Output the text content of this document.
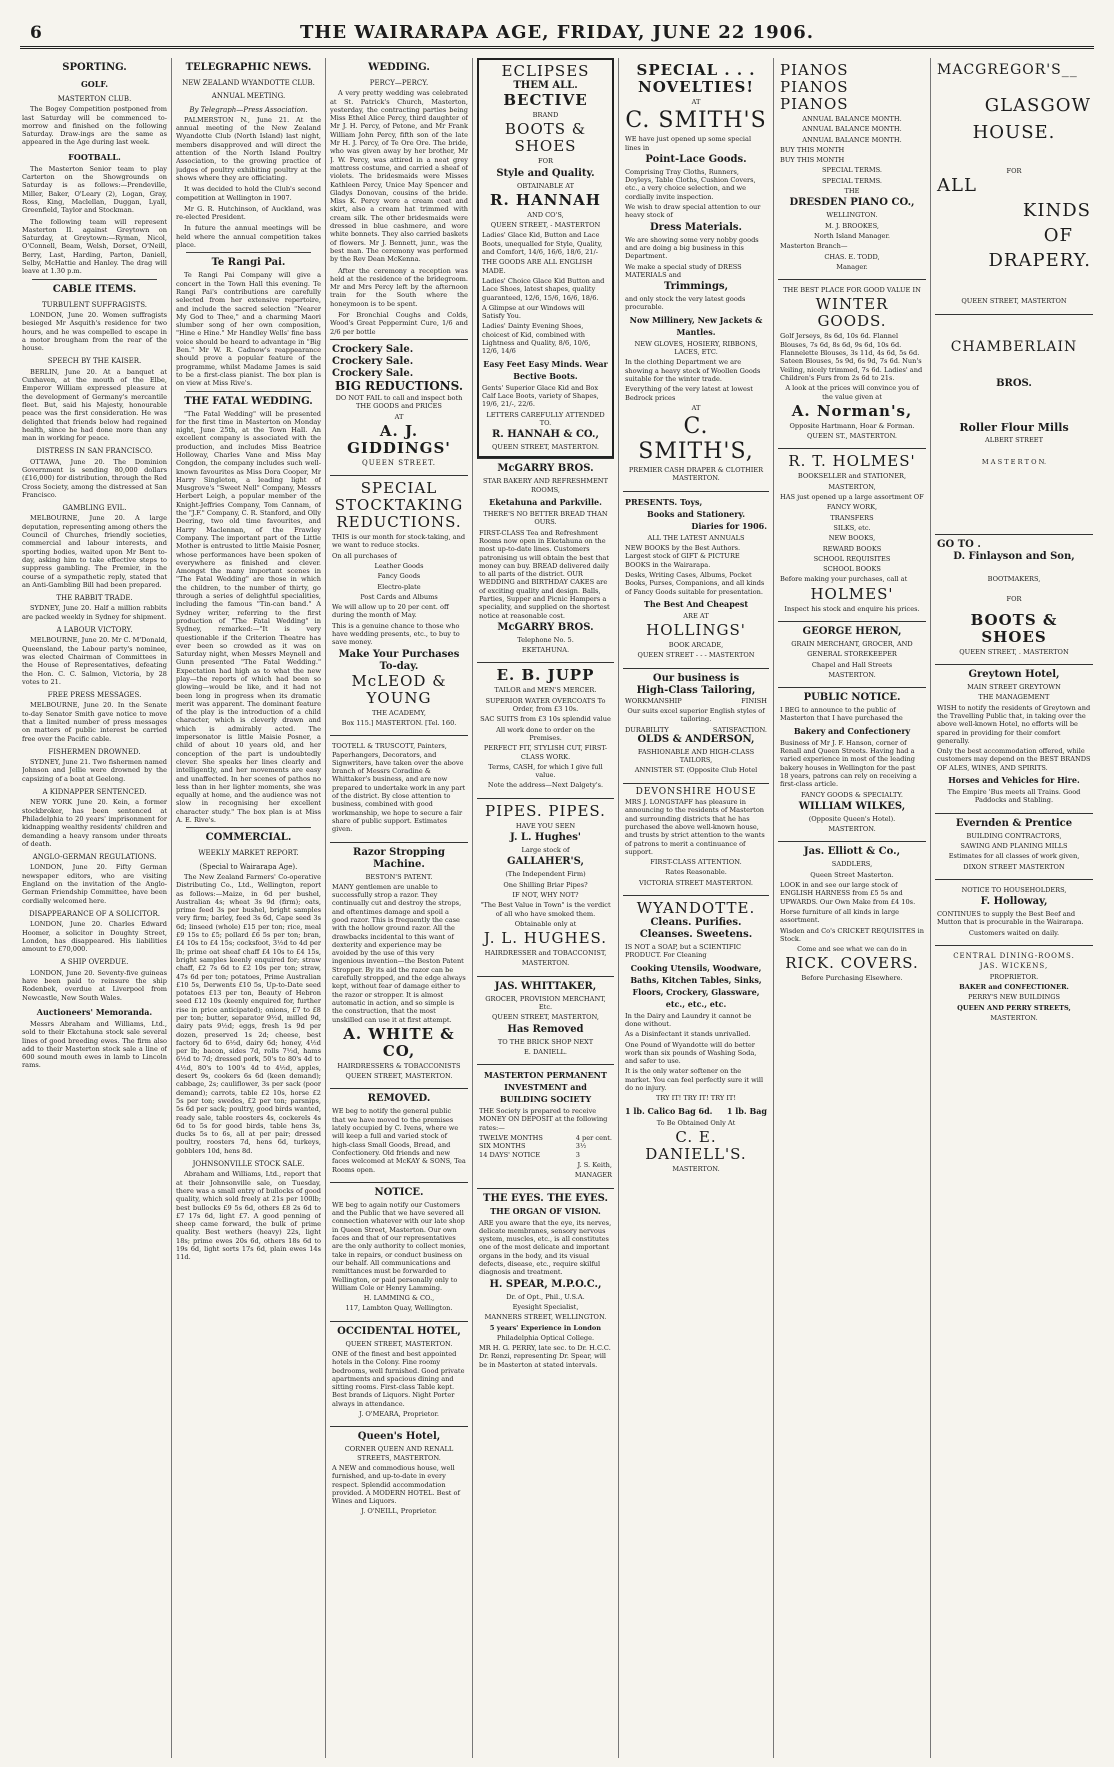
6	THE WAIRARAPA AGE, FRIDAY, JUNE 22 1906.
SPORTING.
GOLF.
MASTERTON CLUB.

The Bogey Competition postponed from last Saturday will be commenced to-morrow and finished on the following Saturday. Draw-ings are the same as appeared in the Age during last week.

FOOTBALL.

The Masterton Senior team to play Carterton on the Showgrounds on Saturday is as follows:—Prendeville, Miller, Baker, O'Leary (2), Logan, Gray, Ross, King, Maclellan, Duggan, Lyall, Greenfield, Taylor and Stockman.

The following team will represent Masterton II. against Greytown on Saturday, at Greytown:—Ryman, Nicol, O'Connell, Beam, Welsh, Dorset, O'Neill, Berry, Last, Harding, Parton, Daniell, Selby, McHattie and Hanley. The drag will leave at 1.30 p.m.

CABLE ITEMS.
TURBULENT SUFFRAGISTS.

LONDON, June 20. Women suffragists besieged Mr Asquith's residence for two hours, and he was compelled to escape in a motor brougham from the rear of the house.

SPEECH BY THE KAISER.

BERLIN, June 20. At a banquet at Cuxhaven, at the mouth of the Elbe, Emperor William expressed pleasure at the development of Germany's mercantile fleet. But, said his Majesty, honourable peace was the first consideration. He was delighted that friends below had regained health, since he had done more than any man in working for peace.

DISTRESS IN SAN FRANCISCO.

OTTAWA, June 20. The Dominion Government is sending 80,000 dollars (£16,000) for distribution, through the Red Cross Society, among the distressed at San Francisco.

GAMBLING EVIL.

MELBOURNE, June 20. A large deputation, representing among others the Council of Churches, friendly societies, commercial and labour interests, and sporting bodies, waited upon Mr Bent to-day, asking him to take effective steps to suppress gambling. The Premier, in the course of a sympathetic reply, stated that an Anti-Gambling Bill had been prepared.

THE RABBIT TRADE.

SYDNEY, June 20. Half a million rabbits are packed weekly in Sydney for shipment.

A LABOUR VICTORY.

MELBOURNE, June 20. Mr C. M'Donald, Queensland, the Labour party's nominee, was elected Chairman of Committees in the House of Representatives, defeating the Hon. C. C. Salmon, Victoria, by 28 votes to 21.

FREE PRESS MESSAGES.

MELBOURNE, June 20. In the Senate to-day Senator Smith gave notice to move that a limited number of press messages on matters of public interest be carried free over the Pacific cable.

FISHERMEN DROWNED.

SYDNEY, June 21. Two fishermen named Johnson and Jellie were drowned by the capsizing of a boat at Geelong.

A KIDNAPPER SENTENCED.

NEW YORK June 20. Kein, a former stockbroker, has been sentenced at Philadelphia to 20 years' imprisonment for kidnapping wealthy residents' children and demanding a heavy ransom under threats of death.

ANGLO-GERMAN REGULATIONS.

LONDON, June 20. Fifty German newspaper editors, who are visiting England on the invitation of the Anglo-German Friendship Committee, have been cordially welcomed here.

DISAPPEARANCE OF A SOLICITOR.

LONDON, June 20. Charles Edward Hoomer, a solicitor in Doughty Street, London, has disappeared. His liabilities amount to £70,000.

A SHIP OVERDUE.

LONDON, June 20. Seventy-five guineas have been paid to reinsure the ship Rodenbek, overdue at Liverpool from Newcastle, New South Wales.

Auctioneers' Memoranda.

Messrs Abraham and Williams, Ltd., sold to their Ekctahuna stock sale several lines of good breeding ewes. The firm also add to their Masterton stock sale a line of 600 sound mouth ewes in lamb to Lincoln rams.

TELEGRAPHIC NEWS.
NEW ZEALAND WYANDOTTE CLUB.
ANNUAL MEETING.
By Telegraph—Press Association.

PALMERSTON N., June 21. At the annual meeting of the New Zealand Wyandotte Club (North Island) last night, members disapproved and will direct the attention of the North Island Poultry Association, to the growing practice of judges of poultry exhibiting poultry at the shows where they are officiating.

It was decided to hold the Club's second competition at Wellington in 1907.

Mr G. R. Hutchinson, of Auckland, was re-elected President.

In future the annual meetings will be held where the annual competition takes place.

Te Rangi Pai.

Te Rangi Pai Company will give a concert in the Town Hall this evening. Te Rangi Pai's contributions are carefully selected from her extensive repertoire, and include the sacred selection "Nearer My God to Thee," and a charming Maori slumber song of her own composition, "Hine e Hine." Mr Handley Wells' fine bass voice should be heard to advantage in "Big Ben." Mr W. R. Cadnow's reappearance should prove a popular feature of the programme, whilst Madame James is said to be a first-class pianist. The box plan is on view at Miss Rive's.

THE FATAL WEDDING.

"The Fatal Wedding" will be presented for the first time in Masterton on Monday night, June 25th, at the Town Hall. An excellent company is associated with the production, and includes Miss Beatrice Holloway, Charles Vane and Miss May Congdon, the company includes such well-known favourites as Miss Dora Cooper, Mr Harry Singleton, a leading light of Musgrove's "Sweet Nell" Company, Messrs Herbert Leigh, a popular member of the Knight-Jeffries Company, Tom Cannam, of the "J.F." Company, C. R. Stanford, and Olly Deering, two old time favourites, and Harry Maclennan, of the Frawley Company. The important part of the Little Mother is entrusted to little Maisie Posner, whose performances have been spoken of everywhere as finished and clever. Amongst the many important scenes in "The Fatal Wedding" are those in which the children, to the number of thirty, go through a series of delightful specialities, including the famous "Tin-can band." A Sydney writer, referring to the first production of "The Fatal Wedding" in Sydney, remarked:—"It is very questionable if the Criterion Theatre has ever been so crowded as it was on Saturday night, when Messrs Meynell and Gunn presented "The Fatal Wedding." Expectation had high as to what the new play—the reports of which had been so glowing—would be like, and it had not been long in progress when its dramatic merit was apparent. The dominant feature of the play is the introduction of a child character, which is cleverly drawn and which is admirably acted. The impersonator is little Maisie Posner, a child of about 10 years old, and her conception of the part is undoubtedly clever. She speaks her lines clearly and intelligently, and her movements are easy and unaffected. In her scenes of pathos no less than in her lighter moments, she was equally at home, and the audience was not slow in recognising her excellent character study." The box plan is at Miss A. E. Rive's.

COMMERCIAL.
WEEKLY MARKET REPORT.
(Special to Wairarapa Age).

The New Zealand Farmers' Co-operative Distributing Co., Ltd., Wellington, report as follows:—Maize, in 6d per bushel, Australian 4s; wheat 3s 9d (firm); oats, prime feed 3s per bushel, bright samples very firm; barley, feed 3s 6d, Cape seed 3s 6d; linseed (whole) £15 per ton; rice, meal £9 15s to £5; pollard £6 5s per ton; bran, £4 10s to £4 15s; cocksfoot, 3½d to 4d per lb; prime oat sheaf chaff £4 10s to £4 15s, bright samples keenly enquired for; straw chaff, £2 7s 6d to £2 10s per ton; straw, 47s 6d per ton; potatoes, Prime Australian £10 5s, Derwents £10 5s, Up-to-Date seed potatoes £13 per ton, Beauty of Hebron seed £12 10s (keenly enquired for, further rise in price anticipated); onions, £7 to £8 per ton; butter, separator 9½d, milled 9d, dairy pats 9½d; eggs, fresh 1s 9d per dozen, preserved 1s 2d; cheese, best factory 6d to 6½d, dairy 6d; honey, 4½d per lb; bacon, sides 7d, rolls 7½d, hams 6½d to 7d; dressed pork, 50's to 80's 4d to 4½d, 80's to 100's 4d to 4½d, apples, desert 9s, cookers 6s 6d (keen demand); cabbage, 2s; cauliflower, 3s per sack (poor demand); carrots, table £2 10s, horse £2 5s per ton; swedes, £2 per ton; parsnips, 5s 6d per sack; poultry, good birds wanted, ready sale, table roosters 4s, cockerels 4s 6d to 5s for good birds, table hens 3s, ducks 5s to 6s, all at per pair; dressed poultry, roosters 7d, hens 6d, turkeys, gobblers 10d, hens 8d.

JOHNSONVILLE STOCK SALE.

Abraham and Williams, Ltd., report that at their Johnsonville sale, on Tuesday, there was a small entry of bullocks of good quality, which sold freely at 21s per 100lb; best bullocks £9 5s 6d, others £8 2s 6d to £7 17s 6d, light £7. A good penning of sheep came forward, the bulk of prime quality. Best wethers (heavy) 22s, light 18s; prime ewes 20s 6d, others 18s 6d to 19s 6d, light sorts 17s 6d, plain ewes 14s 11d.

WEDDING.
PERCY—PERCY.

A very pretty wedding was celebrated at St. Patrick's Church, Masterton, yesterday, the contracting parties being Miss Ethel Alice Percy, third daughter of Mr J. H. Percy, of Petone, and Mr Frank William John Percy, fifth son of the late Mr H. J. Percy, of Te Ore Ore. The bride, who was given away by her brother, Mr J. W. Percy, was attired in a neat grey mattress costume, and carried a sheaf of violets. The bridesmaids were Misses Kathleen Percy, Unice May Spencer and Gladys Donovan, cousins of the bride. Miss K. Percy wore a cream coat and skirt, also a cream hat trimmed with cream silk. The other bridesmaids were dressed in blue cashmere, and wore white bonnets. They also carried baskets of flowers. Mr J. Bennett, junr., was the best man. The ceremony was performed by the Rev Dean McKenna.

After the ceremony a reception was held at the residence of the bridegroom. Mr and Mrs Percy left by the afternoon train for the South where the honeymoon is to be spent.

For Bronchial Coughs and Colds, Wood's Great Peppermint Cure, 1/6 and 2/6 per bottle

Crockery Sale.
Crockery Sale.
Crockery Sale.
BIG REDUCTIONS.

DO NOT FAIL to call and inspect both THE GOODS and PRICES

AT

A. J. GIDDINGS'

QUEEN STREET.

SPECIAL STOCKTAKING REDUCTIONS.

THIS is our month for stock-taking, and we want to reduce stocks.

On all purchases of

Leather Goods

Fancy Goods

Electro-plate

Post Cards and Albums

We will allow up to 20 per cent. off during the month of May.

This is a genuine chance to those who have wedding presents, etc., to buy to save money.

Make Your Purchases To-day.
McLEOD & YOUNG

THE ACADEMY,

Box 115.] MASTERTON. [Tel. 160.

TOOTELL & TRUSCOTT, Painters, Paperhangers, Decorators, and Signwriters, have taken over the above branch of Messrs Coradine & Whittaker's business, and are now prepared to undertake work in any part of the district. By close attention to business, combined with good workmanship, we hope to secure a fair share of public support. Estimates given.

Razor Stropping Machine.

BESTON'S PATENT.

MANY gentlemen are unable to successfully strop a razor. They continually cut and destroy the strops, and oftentimes damage and spoil a good razor. This is frequently the case with the hollow ground razor. All the drawbacks incidental to this want of dexterity and experience may be avoided by the use of this very ingenious invention—the Beston Patent Stropper. By its aid the razor can be carefully stropped, and the edge always kept, without fear of damage either to the razor or stropper. It is almost automatic in action, and so simple is the construction, that the most unskilled can use it at first attempt.

A. WHITE & CO,

HAIRDRESSERS & TOBACCONISTS

QUEEN STREET, MASTERTON.

REMOVED.

WE beg to notify the general public that we have moved to the premises lately occupied by C. Ivens, where we will keep a full and varied stock of high-class Small Goods, Bread, and Confectionery. Old friends and new faces welcomed at McKAY & SONS, Tea Rooms open.

NOTICE.

WE beg to again notify our Customers and the Public that we have severed all connection whatever with our late shop in Queen Street, Masterton. Our own faces and that of our representatives are the only authority to collect monies, take in repairs, or conduct business on our behalf. All communications and remittances must be forwarded to Wellington, or paid personally only to William Cole or Henry Lamming.

H. LAMMING & CO.,

117, Lambton Quay, Wellington.

OCCIDENTAL HOTEL,

QUEEN STREET, MASTERTON.

ONE of the finest and best appointed hotels in the Colony. Fine roomy bedrooms, well furnished. Good private apartments and spacious dining and sitting rooms. First-class Table kept. Best brands of Liquors. Night Porter always in attendance.

J. O'MEARA, Proprietor.

Queen's Hotel,

CORNER QUEEN AND RENALL STREETS, MASTERTON.

A NEW and commodious house, well furnished, and up-to-date in every respect. Splendid accommodation provided. A MODERN HOTEL. Best of Wines and Liquors.

J. O'NEILL, Proprietor.

ECLIPSES
THEM ALL.
BECTIVE

BRAND

BOOTS & SHOES

FOR

Style and Quality.

OBTAINABLE AT

R. HANNAH

AND CO'S,

QUEEN STREET, - MASTERTON

Ladies' Glace Kid, Button and Lace Boots, unequalled for Style, Quality, and Comfort, 14/6, 16/6, 18/6, 21/-

THE GOODS ARE ALL ENGLISH MADE.

Ladies' Choice Glace Kid Button and Lace Shoes, latest shapes, quality guaranteed, 12/6, 15/6, 16/6, 18/6.

A Glimpse at our Windows will Satisfy You.

Ladies' Dainty Evening Shoes, choicest of Kid, combined with Lightness and Quality, 8/6, 10/6, 12/6, 14/6

Easy Feet Easy Minds. Wear Bective Boots.

Gents' Superior Glace Kid and Box Calf Lace Boots, variety of Shapes, 19/6, 21/-, 22/6.

LETTERS CAREFULLY ATTENDED TO.

R. HANNAH & CO.,

QUEEN STREET, MASTERTON.

McGARRY BROS.

STAR BAKERY AND REFRESHMENT ROOMS,

Eketahuna and Parkville.

THERE'S NO BETTER BREAD THAN OURS.

FIRST-CLASS Tea and Refreshment Rooms now open in Eketahuna on the most up-to-date lines. Customers patronising us will obtain the best that money can buy. BREAD delivered daily to all parts of the district. OUR WEDDING and BIRTHDAY CAKES are of exciting quality and design. Balls, Parties, Supper and Picnic Hampers a speciality, and supplied on the shortest notice at reasonable cost.

McGARRY BROS.

Telephone No. 5.

EKETAHUNA.

E. B. JUPP

TAILOR and MEN'S MERCER.

SUPERIOR WATER OVERCOATS To Order, from £3 10s.

SAC SUITS from £3 10s splendid value

All work done to order on the Premises.

PERFECT FIT, STYLISH CUT, FIRST-CLASS WORK.

Terms, CASH, for which I give full value.

Note the address—Next Dalgety's.

PIPES. PIPES.

HAVE YOU SEEN

J. L. Hughes'

Large stock of

GALLAHER'S,

(The Independent Firm)

One Shilling Briar Pipes?

IF NOT, WHY NOT?

"The Best Value in Town" is the verdict of all who have smoked them.

Obtainable only at

J. L. HUGHES.

HAIRDRESSER and TOBACCONIST,

MASTERTON.

JAS. WHITTAKER,

GROCER, PROVISION MERCHANT, Etc.

QUEEN STREET, MASTERTON,

Has Removed

TO THE BRICK SHOP NEXT

E. DANIELL.

MASTERTON PERMANENT INVESTMENT and BUILDING SOCIETY

THE Society is prepared to receive MONEY ON DEPOSIT at the following rates:—

TWELVE MONTHS	4 per cent.
SIX MONTHS	3½
14 DAYS' NOTICE	3

J. S. Keith,

MANAGER

THE EYES. THE EYES.
THE ORGAN OF VISION.

ARE you aware that the eye, its nerves, delicate membranes, sensory nervous system, muscles, etc., is all constitutes one of the most delicate and important organs in the body, and its visual defects, disease, etc., require skilful diagnosis and treatment.

H. SPEAR, M.P.O.C.,

Dr. of Opt., Phil., U.S.A.

Eyesight Specialist,

MANNERS STREET, WELLINGTON.

5 years' Experience in London

Philadelphia Optical College.

MR H. G. PERRY, late sec. to Dr. H.C.C. Dr. Renzi, representing Dr. Spear, will be in Masterton at stated intervals.

SPECIAL . . . NOVELTIES!

AT

C. SMITH'S

WE have just opened up some special lines in

Point-Lace Goods.

Comprising Tray Cloths, Runners, Doyleys, Table Cloths, Cushion Covers, etc., a very choice selection, and we cordially invite inspection.

We wish to draw special attention to our heavy stock of

Dress Materials.

We are showing some very nobby goods and are doing a big business in this Department.

We make a special study of DRESS MATERIALS and

Trimmings,

and only stock the very latest goods procurable.

Now Millinery, New Jackets & Mantles.

NEW GLOVES, HOSIERY, RIBBONS, LACES, ETC.

In the clothing Department we are showing a heavy stock of Woollen Goods suitable for the winter trade.

Everything of the very latest at lowest Bedrock prices

AT

C. SMITH'S,

PREMIER CASH DRAPER & CLOTHIER MASTERTON.

PRESENTS. Toys,
Books and Stationery.
Diaries for 1906.

ALL THE LATEST ANNUALS

NEW BOOKS by the Best Authors. Largest stock of GIFT & PICTURE BOOKS in the Wairarapa.

Desks, Writing Cases, Albums, Pocket Books, Purses, Companions, and all kinds of Fancy Goods suitable for presentation.

The Best And Cheapest

ARE AT

HOLLINGS'

BOOK ARCADE,

QUEEN STREET - - - MASTERTON

Our business is
High-Class Tailoring,
WORKMANSHIP	FINISH

Our suits excel superior English styles of tailoring.

DURABILITY	SATISFACTION.
OLDS & ANDERSON,

FASHIONABLE AND HIGH-CLASS TAILORS,

ANNISTER ST. (Opposite Club Hotel

DEVONSHIRE HOUSE

MRS J. LONGSTAFF has pleasure in announcing to the residents of Masterton and surrounding districts that he has purchased the above well-known house, and trusts by strict attention to the wants of patrons to merit a continuance of support.

FIRST-CLASS ATTENTION.

Rates Reasonable.

VICTORIA STREET MASTERTON.

WYANDOTTE.
Cleans. Purifies.
Cleanses. Sweetens.

IS NOT a SOAP, but a SCIENTIFIC PRODUCT. For Cleaning

Cooking Utensils, Woodware, Baths, Kitchen Tables, Sinks, Floors, Crockery, Glassware, etc., etc., etc.

In the Dairy and Laundry it cannot be done without.

As a Disinfectant it stands unrivalled.

One Pound of Wyandotte will do better work than six pounds of Washing Soda, and safer to use.

It is the only water softener on the market. You can feel perfectly sure it will do no injury.

TRY IT! TRY IT! TRY IT!

1 lb. Calico Bag 6d. 1 lb. Bag

To Be Obtained Only At

C. E. DANIELL'S.

MASTERTON.

PIANOS
PIANOS
PIANOS

ANNUAL BALANCE MONTH.

ANNUAL BALANCE MONTH.

ANNUAL BALANCE MONTH.

BUY THIS MONTH

BUY THIS MONTH

SPECIAL TERMS.

SPECIAL TERMS.

THE

DRESDEN PIANO CO.,

WELLINGTON.

M. J. BROOKES,

North Island Manager.

Masterton Branch—

CHAS. E. TODD,

Manager.

THE BEST PLACE FOR GOOD VALUE IN

WINTER GOODS.

Golf Jerseys, 8s 6d, 10s 6d. Flannel Blouses, 7s 6d, 8s 6d, 9s 6d, 10s 6d. Flannelette Blouses, 3s 11d, 4s 6d, 5s 6d. Sateen Blouses, 5s 9d, 6s 9d, 7s 6d. Nun's Veiling, nicely trimmed, 7s 6d. Ladies' and Children's Furs from 2s 6d to 21s.

A look at the prices will convince you of the value given at

A. Norman's,

Opposite Hartmann, Hoar & Forman.

QUEEN ST., MASTERTON.

R. T. HOLMES'

BOOKSELLER and STATIONER,

MASTERTON,

HAS just opened up a large assortment OF

FANCY WORK,

TRANSFERS

SILKS, etc.

NEW BOOKS,

REWARD BOOKS

SCHOOL REQUISITES

SCHOOL BOOKS

Before making your purchases, call at

HOLMES'

Inspect his stock and enquire his prices.

GEORGE HERON,

GRAIN MERCHANT, GROCER, AND

GENERAL STOREKEEPER

Chapel and Hall Streets

MASTERTON.

PUBLIC NOTICE.

I BEG to announce to the public of Masterton that I have purchased the

Bakery and Confectionery

Business of Mr J. F. Hanson, corner of Renall and Queen Streets. Having had a varied experience in most of the leading bakery houses in Wellington for the past 18 years, patrons can rely on receiving a first-class article.

FANCY GOODS & SPECIALTY.

WILLIAM WILKES,

(Opposite Queen's Hotel).

MASTERTON.

Jas. Elliott & Co.,

SADDLERS,

Queen Street Masterton.

LOOK in and see our large stock of ENGLISH HARNESS from £5 5s and UPWARDS. Our Own Make from £4 10s.

Horse furniture of all kinds in large assortment.

Wisden and Co's CRICKET REQUISITES in Stock.

Come and see what we can do in

RICK. COVERS.

Before Purchasing Elsewhere.

MACGREGOR'S__
GLASGOW
HOUSE.

FOR

ALL
KINDS
OF
DRAPERY.

QUEEN STREET, MASTERTON

CHAMBERLAIN
BROS.
Roller Flour Mills

ALBERT STREET

M A S T E R T O N.

GO TO .
D. Finlayson and Son,

BOOTMAKERS,

FOR

BOOTS & SHOES

QUEEN STREET, . MASTERTON

Greytown Hotel,

MAIN STREET GREYTOWN

THE MANAGEMENT

WISH to notify the residents of Greytown and the Travelling Public that, in taking over the above well-known Hotel, no efforts will be spared in providing for their comfort generally.

Only the best accommodation offered, while customers may depend on the BEST BRANDS OF ALES, WINES, AND SPIRITS.

Horses and Vehicles for Hire.

The Empire 'Bus meets all Trains. Good Paddocks and Stabling.

Evernden & Prentice

BUILDING CONTRACTORS,

SAWING AND PLANING MILLS

Estimates for all classes of work given,

DIXON STREET MASTERTON

NOTICE TO HOUSEHOLDERS,

F. Holloway,

CONTINUES to supply the Best Beef and Mutton that is procurable in the Wairarapa.

Customers waited on daily.

CENTRAL DINING-ROOMS.

JAS. WICKENS,

PROPRIETOR.

BAKER and CONFECTIONER.

PERRY'S NEW BUILDINGS

QUEEN AND PERRY STREETS,

MASTERTON.
